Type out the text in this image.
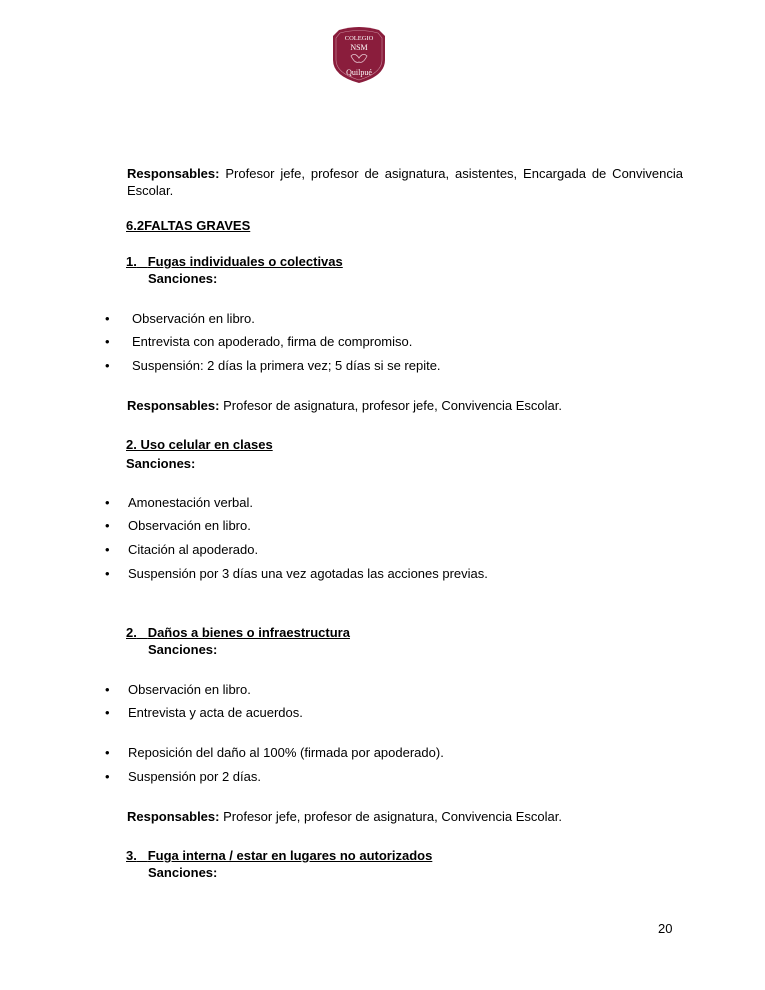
COLEGIO
NSM
Quilpué
Responsables: Profesor jefe, profesor de asignatura, asistentes, Encargada de Convivencia Escolar.
6.2FALTAS GRAVES
1. Fugas individuales o colectivas
Sanciones:
• Observación en libro.
• Entrevista con apoderado, firma de compromiso.
• Suspensión: 2 días la primera vez; 5 días si se repite.
Responsables: Profesor de asignatura, profesor jefe, Convivencia Escolar.
2. Uso celular en clases
Sanciones:
• Amonestación verbal.
• Observación en libro.
• Citación al apoderado.
• Suspensión por 3 días una vez agotadas las acciones previas.
2. Daños a bienes o infraestructura
Sanciones:
• Observación en libro.
• Entrevista y acta de acuerdos.
• Reposición del daño al 100% (firmada por apoderado).
• Suspensión por 2 días.
Responsables: Profesor jefe, profesor de asignatura, Convivencia Escolar.
3. Fuga interna / estar en lugares no autorizados
Sanciones:
20
